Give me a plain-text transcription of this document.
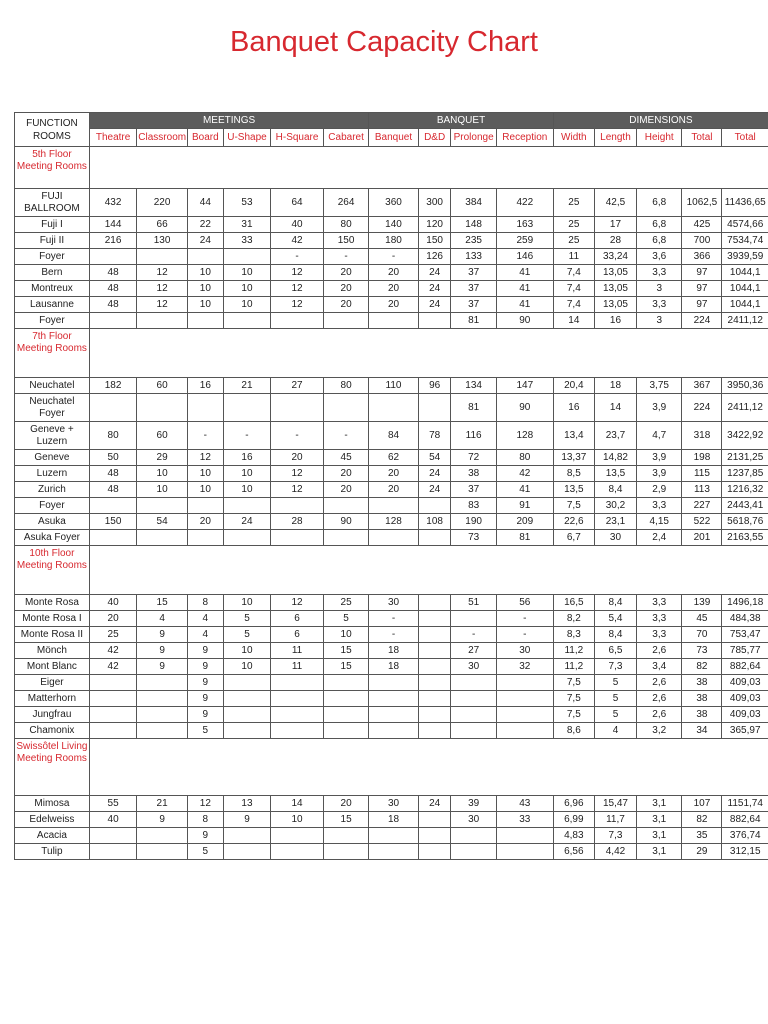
Banquet Capacity Chart
FUNCTION ROOMS	MEETINGS						BANQUET				DIMENSIONS				
	Theatre	Classroom	Board	U-Shape	H-Square	Cabaret	Banquet	D&D	Prolonge	Reception	Width	Length	Height	Total	Total
5th Floor Meeting Rooms															
FUJI BALLROOM	432	220	44	53	64	264	360	300	384	422	25	42,5	6,8	1062,5	11436,65
Fuji I	144	66	22	31	40	80	140	120	148	163	25	17	6,8	425	4574,66
Fuji II	216	130	24	33	42	150	180	150	235	259	25	28	6,8	700	7534,74
Foyer					-	-	-	126	133	146	11	33,24	3,6	366	3939,59
Bern	48	12	10	10	12	20	20	24	37	41	7,4	13,05	3,3	97	1044,1
Montreux	48	12	10	10	12	20	20	24	37	41	7,4	13,05	3	97	1044,1
Lausanne	48	12	10	10	12	20	20	24	37	41	7,4	13,05	3,3	97	1044,1
Foyer									81	90	14	16	3	224	2411,12
7th Floor Meeting Rooms															
Neuchatel	182	60	16	21	27	80	110	96	134	147	20,4	18	3,75	367	3950,36
Neuchatel Foyer									81	90	16	14	3,9	224	2411,12
Geneve + Luzern	80	60	-	-	-	-	84	78	116	128	13,4	23,7	4,7	318	3422,92
Geneve	50	29	12	16	20	45	62	54	72	80	13,37	14,82	3,9	198	2131,25
Luzern	48	10	10	10	12	20	20	24	38	42	8,5	13,5	3,9	115	1237,85
Zurich	48	10	10	10	12	20	20	24	37	41	13,5	8,4	2,9	113	1216,32
Foyer									83	91	7,5	30,2	3,3	227	2443,41
Asuka	150	54	20	24	28	90	128	108	190	209	22,6	23,1	4,15	522	5618,76
Asuka Foyer									73	81	6,7	30	2,4	201	2163,55
10th Floor Meeting Rooms															
Monte Rosa	40	15	8	10	12	25	30		51	56	16,5	8,4	3,3	139	1496,18
Monte Rosa I	20	4	4	5	6	5	-			-	8,2	5,4	3,3	45	484,38
Monte Rosa II	25	9	4	5	6	10	-		-	-	8,3	8,4	3,3	70	753,47
Mönch	42	9	9	10	11	15	18		27	30	11,2	6,5	2,6	73	785,77
Mont Blanc	42	9	9	10	11	15	18		30	32	11,2	7,3	3,4	82	882,64
Eiger			9								7,5	5	2,6	38	409,03
Matterhorn			9								7,5	5	2,6	38	409,03
Jungfrau			9								7,5	5	2,6	38	409,03
Chamonix			5								8,6	4	3,2	34	365,97
Swissôtel Living Meeting Rooms															
Mimosa	55	21	12	13	14	20	30	24	39	43	6,96	15,47	3,1	107	1151,74
Edelweiss	40	9	8	9	10	15	18		30	33	6,99	11,7	3,1	82	882,64
Acacia			9								4,83	7,3	3,1	35	376,74
Tulip			5								6,56	4,42	3,1	29	312,15
